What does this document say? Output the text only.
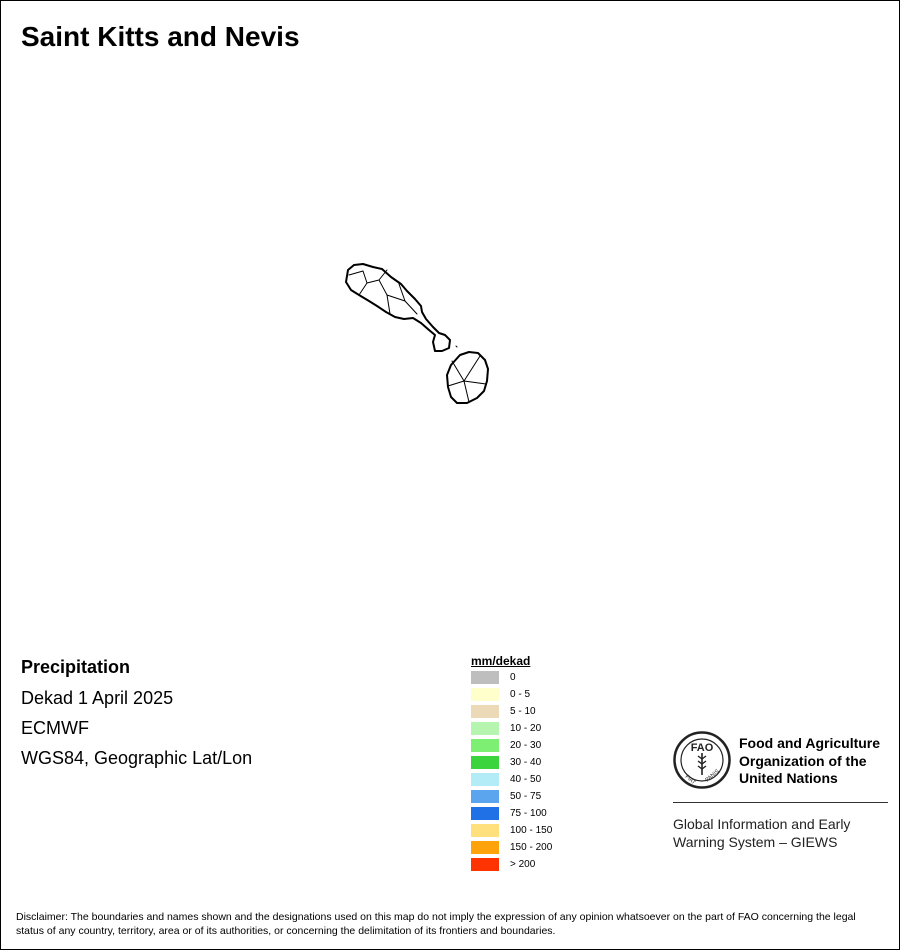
Saint Kitts and Nevis
Precipitation
Dekad 1 April 2025
ECMWF
WGS84, Geographic Lat/Lon
mm/dekad
0
0 - 5
5 - 10
10 - 20
20 - 30
30 - 40
40 - 50
50 - 75
75 - 100
100 - 150
150 - 200
> 200
FAO
FIAT PANIS
Food and Agriculture
Organization of the
United Nations
Global Information and Early
Warning System – GIEWS
Disclaimer: The boundaries and names shown and the designations used on this map do not imply the expression of any opinion whatsoever on the part of FAO concerning the legal status of any country, territory, area or of its authorities, or concerning the delimitation of its frontiers and boundaries.
